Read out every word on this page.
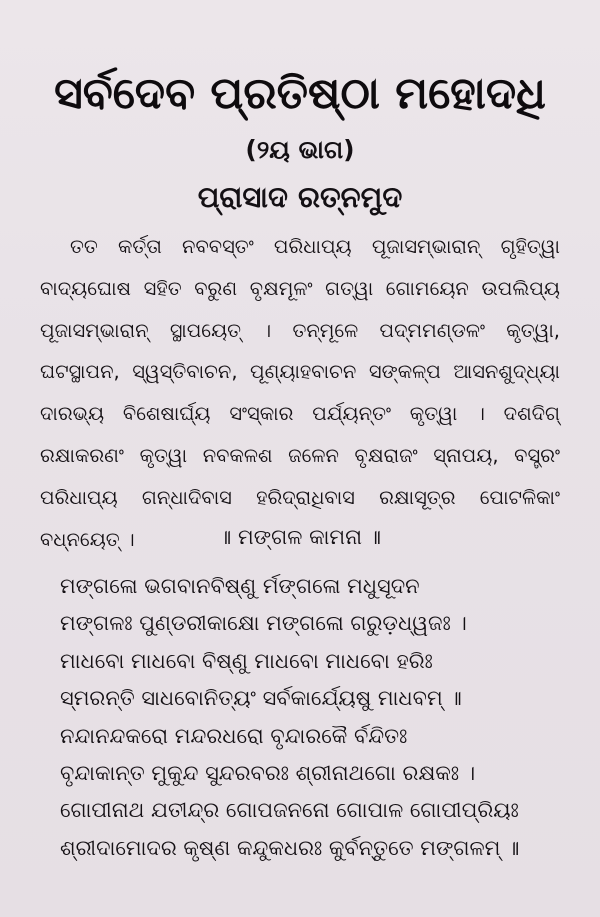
ସର୍ବଦେବ ପ୍ରତିଷ୍ଠା ମହୋଦଧି
(୨ୟ ଭାଗ)
ପ୍ରାସାଦ ରତ୍ନମୁଦ

ତତ କର୍ତ୍ତା ନବବସ୍ତଂ ପରିଧାପ୍ୟ ପୂଜାସମ୍ଭାରାନ୍ ଗୃହିତ୍ୱା ବାଦ୍ୟଘୋଷ ସହିତ ବରୁଣ ବୃକ୍ଷମୂଳଂ ଗତ୍ୱା ଗୋମୟେନ ଉପଲିପ୍ୟ ପୂଜାସମ୍ଭାରାନ୍ ସ୍ଥାପୟେତ୍ । ତନ୍ମୂଳେ ପଦ୍ମମଣ୍ଡଳଂ କୃତ୍ୱା, ଘଟସ୍ଥାପନ, ସ୍ୱସ୍ତିବାଚନ, ପୂଣ୍ୟାହବାଚନ ସଙ୍କଳ୍ପ ଆସନଶୁଦ୍ଧ୍ୟା ଦାରଭ୍ୟ ବିଶେଷାର୍ଘ୍ୟ ସଂସ୍କାର ପର୍ଯ୍ୟନ୍ତଂ କୃତ୍ୱା । ଦଶଦିଗ୍ ରକ୍ଷାକରଣଂ କୃତ୍ୱା ନବକଳଶ ଜଳେନ ବୃକ୍ଷରାଜଂ ସ୍ନାପୟ, ବସ୍ତ୍ରଂ ପରିଧାପ୍ୟ ଗନ୍ଧାଦିବାସ ହରିଦ୍ରାଧିବାସ ରକ୍ଷାସୂତ୍ର ପୋଟଳିକାଂ ବଧ୍ନୟେତ୍ ।	॥ ମଙ୍ଗଳ କାମନା ॥
ମଙ୍ଗଳୋ ଭଗବାନବିଷ୍ଣୁ ର୍ମଙ୍ଗଳୋ ମଧୁସୂଦନ
ମଙ୍ଗଳଃ ପୁଣ୍ଡରୀକାକ୍ଷୋ ମଙ୍ଗଳୋ ଗରୁଡ଼ଧ୍ୱଜଃ ।
ମାଧବୋ ମାଧବୋ ବିଷ୍ଣୁ ମାଧବୋ ମାଧବୋ ହରିଃ
ସ୍ମରନ୍ତି ସାଧବୋନିତ୍ୟଂ ସର୍ବକାର୍ଯ୍ୟେଷୁ ମାଧବମ୍ ॥
ନନ୍ଦାନନ୍ଦକରୋ ମନ୍ଦରଧରୋ ବୃନ୍ଦାରକୈ ର୍ବନ୍ଦିତଃ
ବୃନ୍ଦାକାନ୍ତ ମୁକୁନ୍ଦ ସୁନ୍ଦରବରଃ ଶ୍ରୀନାଥଗୋ ରକ୍ଷକଃ ।
ଗୋପୀନାଥ ଯତୀନ୍ଦ୍ର ଗୋପଜନନୋ ଗୋପାଳ ଗୋପୀପ୍ରିୟଃ
ଶ୍ରୀଦାମୋଦର କୃଷ୍ଣ କନ୍ଦୁକଧରଃ କୁର୍ବନ୍ତୁତେ ମଙ୍ଗଳମ୍ ॥
